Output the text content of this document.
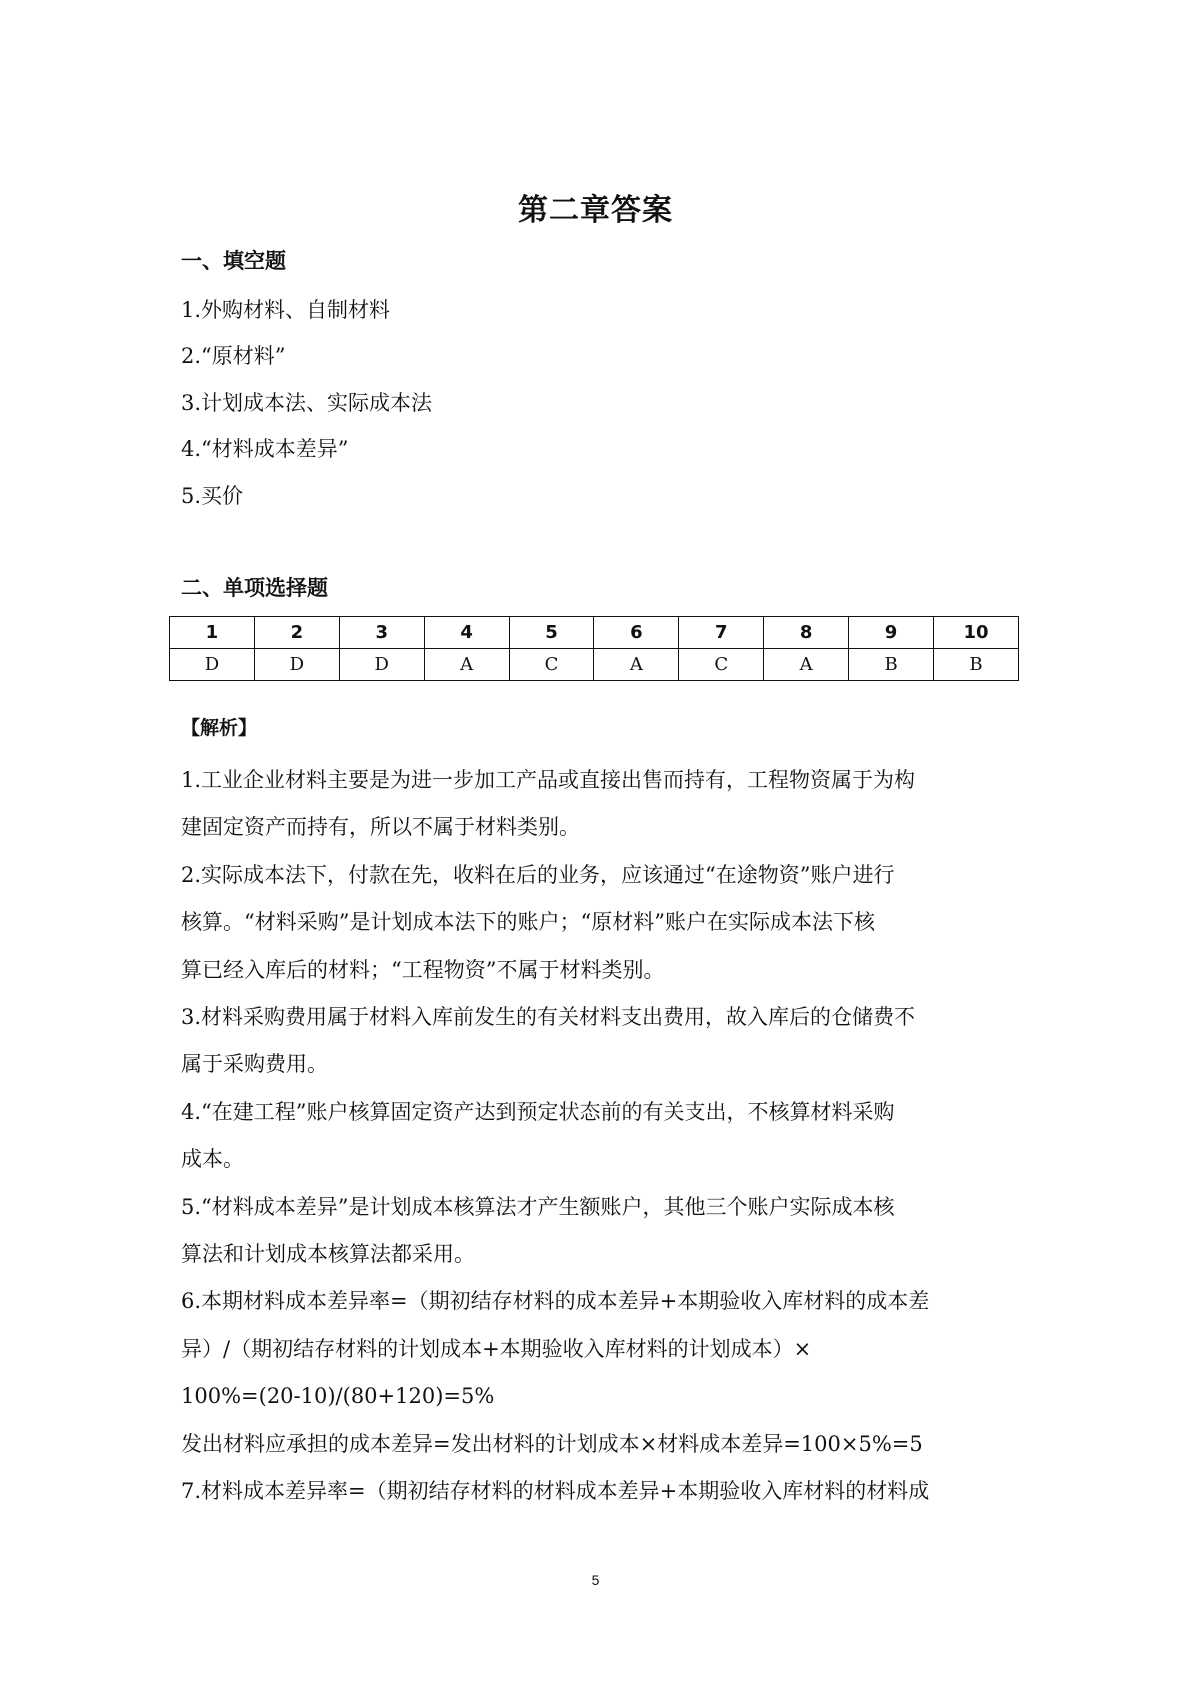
第二章答案
一、填空题
1.外购材料、自制材料
2.“原材料”
3.计划成本法、实际成本法
4.“材料成本差异”
5.买价
二、单项选择题
1	2	3	4	5	6	7	8	9	10
D	D	D	A	C	A	C	A	B	B
【解析】
1.工业企业材料主要是为进一步加工产品或直接出售而持有，工程物资属于为构
建固定资产而持有，所以不属于材料类别。
2.实际成本法下，付款在先，收料在后的业务，应该通过“在途物资”账户进行
核算。“材料采购”是计划成本法下的账户；“原材料”账户在实际成本法下核
算已经入库后的材料；“工程物资”不属于材料类别。
3.材料采购费用属于材料入库前发生的有关材料支出费用，故入库后的仓储费不
属于采购费用。
4.“在建工程”账户核算固定资产达到预定状态前的有关支出，不核算材料采购
成本。
5.“材料成本差异”是计划成本核算法才产生额账户，其他三个账户实际成本核
算法和计划成本核算法都采用。
6.本期材料成本差异率=（期初结存材料的成本差异+本期验收入库材料的成本差
异）/（期初结存材料的计划成本+本期验收入库材料的计划成本）×
100%=(20-10)/(80+120)=5%
发出材料应承担的成本差异=发出材料的计划成本×材料成本差异=100×5%=5
7.材料成本差异率=（期初结存材料的材料成本差异+本期验收入库材料的材料成
5
